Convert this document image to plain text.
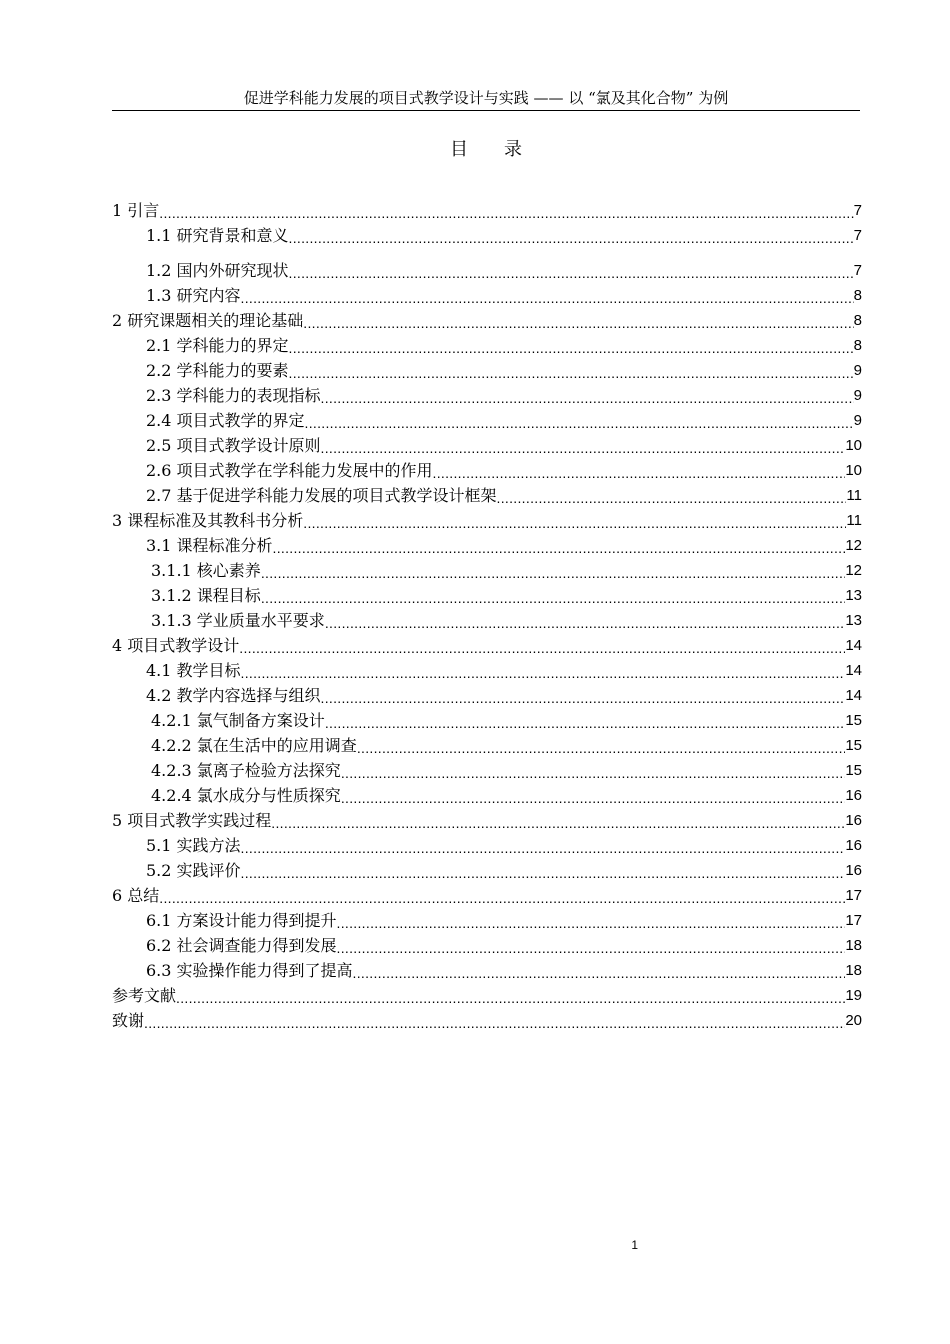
促进学科能力发展的项目式教学设计与实践 —— 以 “氯及其化合物” 为例
目录
1 引言 .....	7
1.1 研究背景和意义 .....	7
1.2 国内外研究现状 .....	7
1.3 研究内容 .....	8
2 研究课题相关的理论基础 .....	8
2.1 学科能力的界定 .....	8
2.2 学科能力的要素 .....	9
2.3 学科能力的表现指标 .....	9
2.4 项目式教学的界定 .....	9
2.5 项目式教学设计原则 .....	10
2.6 项目式教学在学科能力发展中的作用 .....	10
2.7 基于促进学科能力发展的项目式教学设计框架 .....	11
3 课程标准及其教科书分析 .....	11
3.1 课程标准分析 .....	12
3.1.1 核心素养 .....	12
3.1.2 课程目标 .....	13
3.1.3 学业质量水平要求 .....	13
4 项目式教学设计 .....	14
4.1 教学目标 .....	14
4.2 教学内容选择与组织 .....	14
4.2.1 氯气制备方案设计 .....	15
4.2.2 氯在生活中的应用调查 .....	15
4.2.3 氯离子检验方法探究 .....	15
4.2.4 氯水成分与性质探究 .....	16
5 项目式教学实践过程 .....	16
5.1 实践方法 .....	16
5.2 实践评价 .....	16
6 总结 .....	17
6.1 方案设计能力得到提升 .....	17
6.2 社会调查能力得到发展 .....	18
6.3 实验操作能力得到了提高 .....	18
参考文献 .....	19
致谢 .....	20
1
